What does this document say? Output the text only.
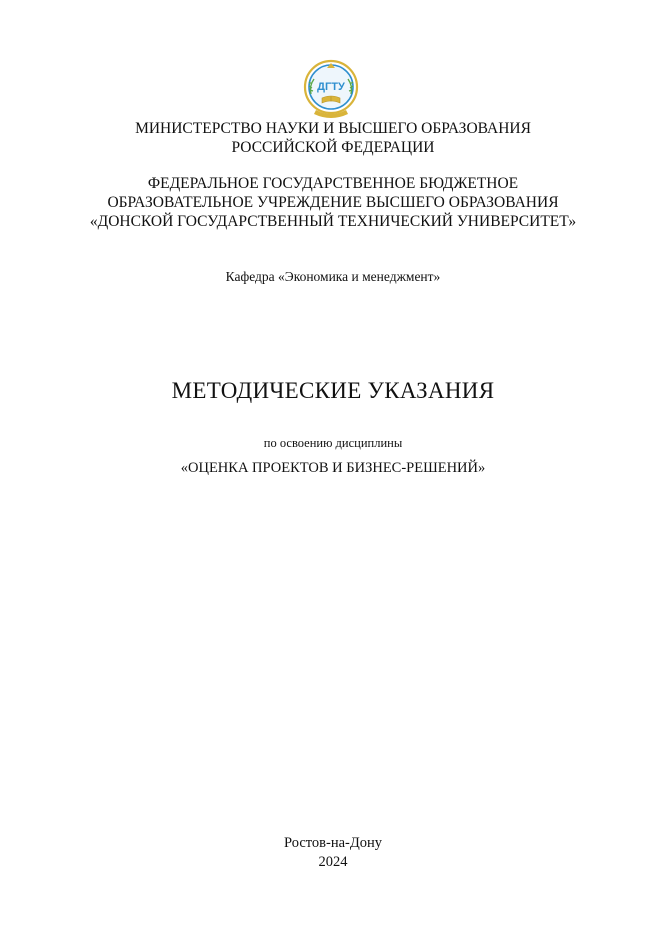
ДГТУ
МИНИСТЕРСТВО НАУКИ И ВЫСШЕГО ОБРАЗОВАНИЯ
РОССИЙСКОЙ ФЕДЕРАЦИИ
ФЕДЕРАЛЬНОЕ ГОСУДАРСТВЕННОЕ БЮДЖЕТНОЕ
ОБРАЗОВАТЕЛЬНОЕ УЧРЕЖДЕНИЕ ВЫСШЕГО ОБРАЗОВАНИЯ
«ДОНСКОЙ ГОСУДАРСТВЕННЫЙ ТЕХНИЧЕСКИЙ УНИВЕРСИТЕТ»
Кафедра «Экономика и менеджмент»
МЕТОДИЧЕСКИЕ УКАЗАНИЯ
по освоению дисциплины
«ОЦЕНКА ПРОЕКТОВ И БИЗНЕС-РЕШЕНИЙ»
Ростов-на-Дону
2024
